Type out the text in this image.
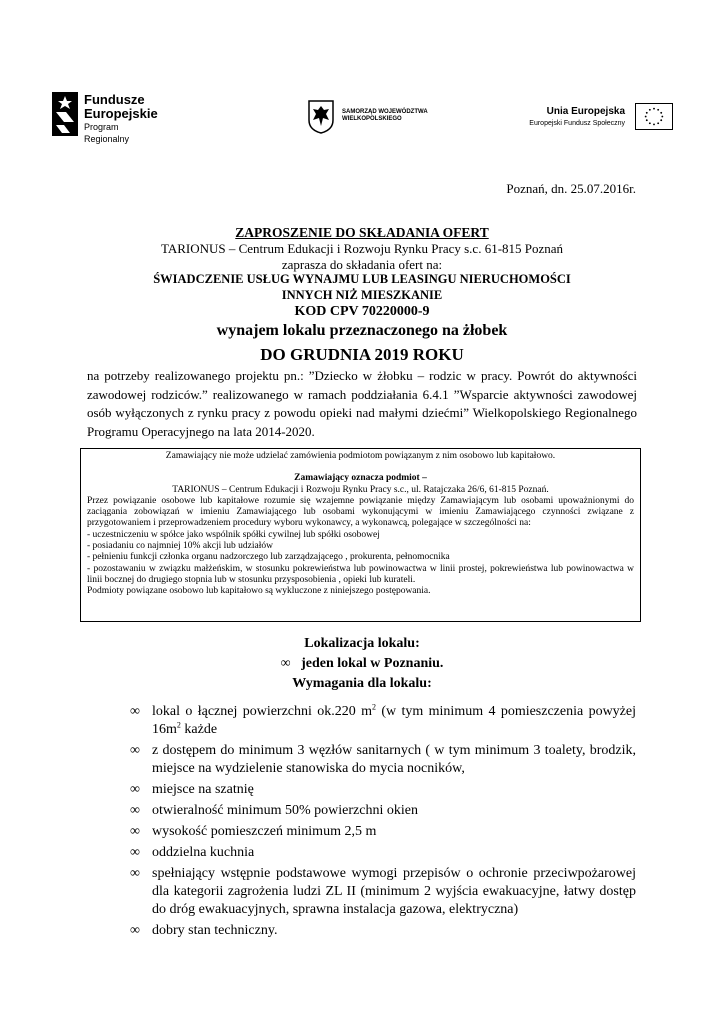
Fundusze
Europejskie
Program Regionalny
SAMORZĄD WOJEWÓDZTWA
WIELKOPOLSKIEGO
Unia Europejska
Europejski Fundusz Społeczny
Poznań, dn. 25.07.2016r.
ZAPROSZENIE DO SKŁADANIA OFERT
TARIONUS – Centrum Edukacji i Rozwoju Rynku Pracy s.c. 61-815 Poznań
zaprasza do składania ofert na:
ŚWIADCZENIE USŁUG WYNAJMU LUB LEASINGU NIERUCHOMOŚCI
INNYCH NIŻ MIESZKANIE
KOD CPV 70220000-9
wynajem lokalu przeznaczonego na żłobek
DO GRUDNIA 2019 ROKU
na potrzeby realizowanego projektu pn.: ”Dziecko w żłobku – rodzic w pracy. Powrót do aktywności zawodowej rodziców.” realizowanego w ramach poddziałania 6.4.1 ”Wsparcie aktywności zawodowej osób wyłączonych z rynku pracy z powodu opieki nad małymi dziećmi” Wielkopolskiego Regionalnego Programu Operacyjnego na lata 2014-2020.

Zamawiający nie może udzielać zamówienia podmiotom powiązanym z nim osobowo lub kapitałowo.

Zamawiający oznacza podmiot –

TARIONUS – Centrum Edukacji i Rozwoju Rynku Pracy s.c., ul. Ratajczaka 26/6, 61-815 Poznań.

Przez powiązanie osobowe lub kapitałowe rozumie się wzajemne powiązanie między Zamawiającym lub osobami upoważnionymi do zaciągania zobowiązań w imieniu Zamawiającego lub osobami wykonującymi w imieniu Zamawiającego czynności związane z przygotowaniem i przeprowadzeniem procedury wyboru wykonawcy, a wykonawcą, polegające w szczególności na:

- uczestniczeniu w spółce jako wspólnik spółki cywilnej lub spółki osobowej

- posiadaniu co najmniej 10% akcji lub udziałów

- pełnieniu funkcji członka organu nadzorczego lub zarządzającego , prokurenta, pełnomocnika

- pozostawaniu w związku małżeńskim, w stosunku pokrewieństwa lub powinowactwa w linii prostej, pokrewieństwa lub powinowactwa w linii bocznej do drugiego stopnia lub w stosunku przysposobienia , opieki lub kurateli.

Podmioty powiązane osobowo lub kapitałowo są wykluczone z niniejszego postępowania.

Lokalizacja lokalu:
∞ jeden lokal w Poznaniu.
Wymagania dla lokalu:
∞ lokal o łącznej powierzchni ok.220 $m^2$ (w tym minimum 4 pomieszczenia powyżej $16m^2$ każde
∞ z dostępem do minimum 3 węzłów sanitarnych ( w tym minimum 3 toalety, brodzik, miejsce na wydzielenie stanowiska do mycia nocników,
∞ miejsce na szatnię
∞ otwieralność minimum 50% powierzchni okien
∞ wysokość pomieszczeń minimum 2,5 m
∞ oddzielna kuchnia
∞ spełniający wstępnie podstawowe wymogi przepisów o ochronie przeciwpożarowej dla kategorii zagrożenia ludzi ZL II (minimum 2 wyjścia ewakuacyjne, łatwy dostęp do dróg ewakuacyjnych, sprawna instalacja gazowa, elektryczna)
∞ dobry stan techniczny.
